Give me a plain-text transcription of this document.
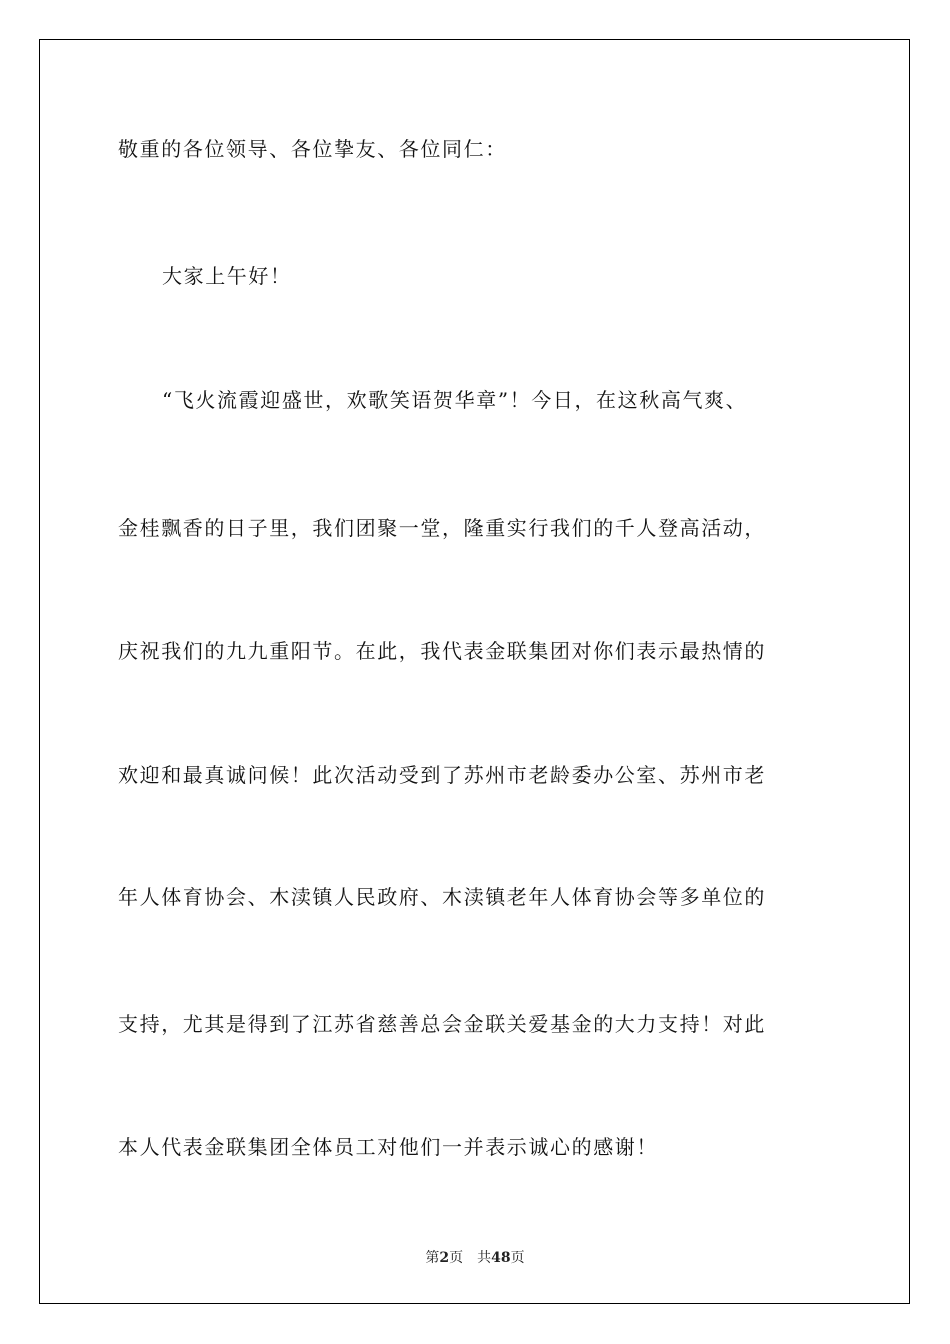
敬重的各位领导、各位挚友、各位同仁：
大家上午好！
“飞火流霞迎盛世，欢歌笑语贺华章”！今日，在这秋高气爽、
金桂飘香的日子里，我们团聚一堂，隆重实行我们的千人登高活动，
庆祝我们的九九重阳节。在此，我代表金联集团对你们表示最热情的
欢迎和最真诚问候！此次活动受到了苏州市老龄委办公室、苏州市老
年人体育协会、木渎镇人民政府、木渎镇老年人体育协会等多单位的
支持，尤其是得到了江苏省慈善总会金联关爱基金的大力支持！对此
本人代表金联集团全体员工对他们一并表示诚心的感谢！
第2页 共48页
